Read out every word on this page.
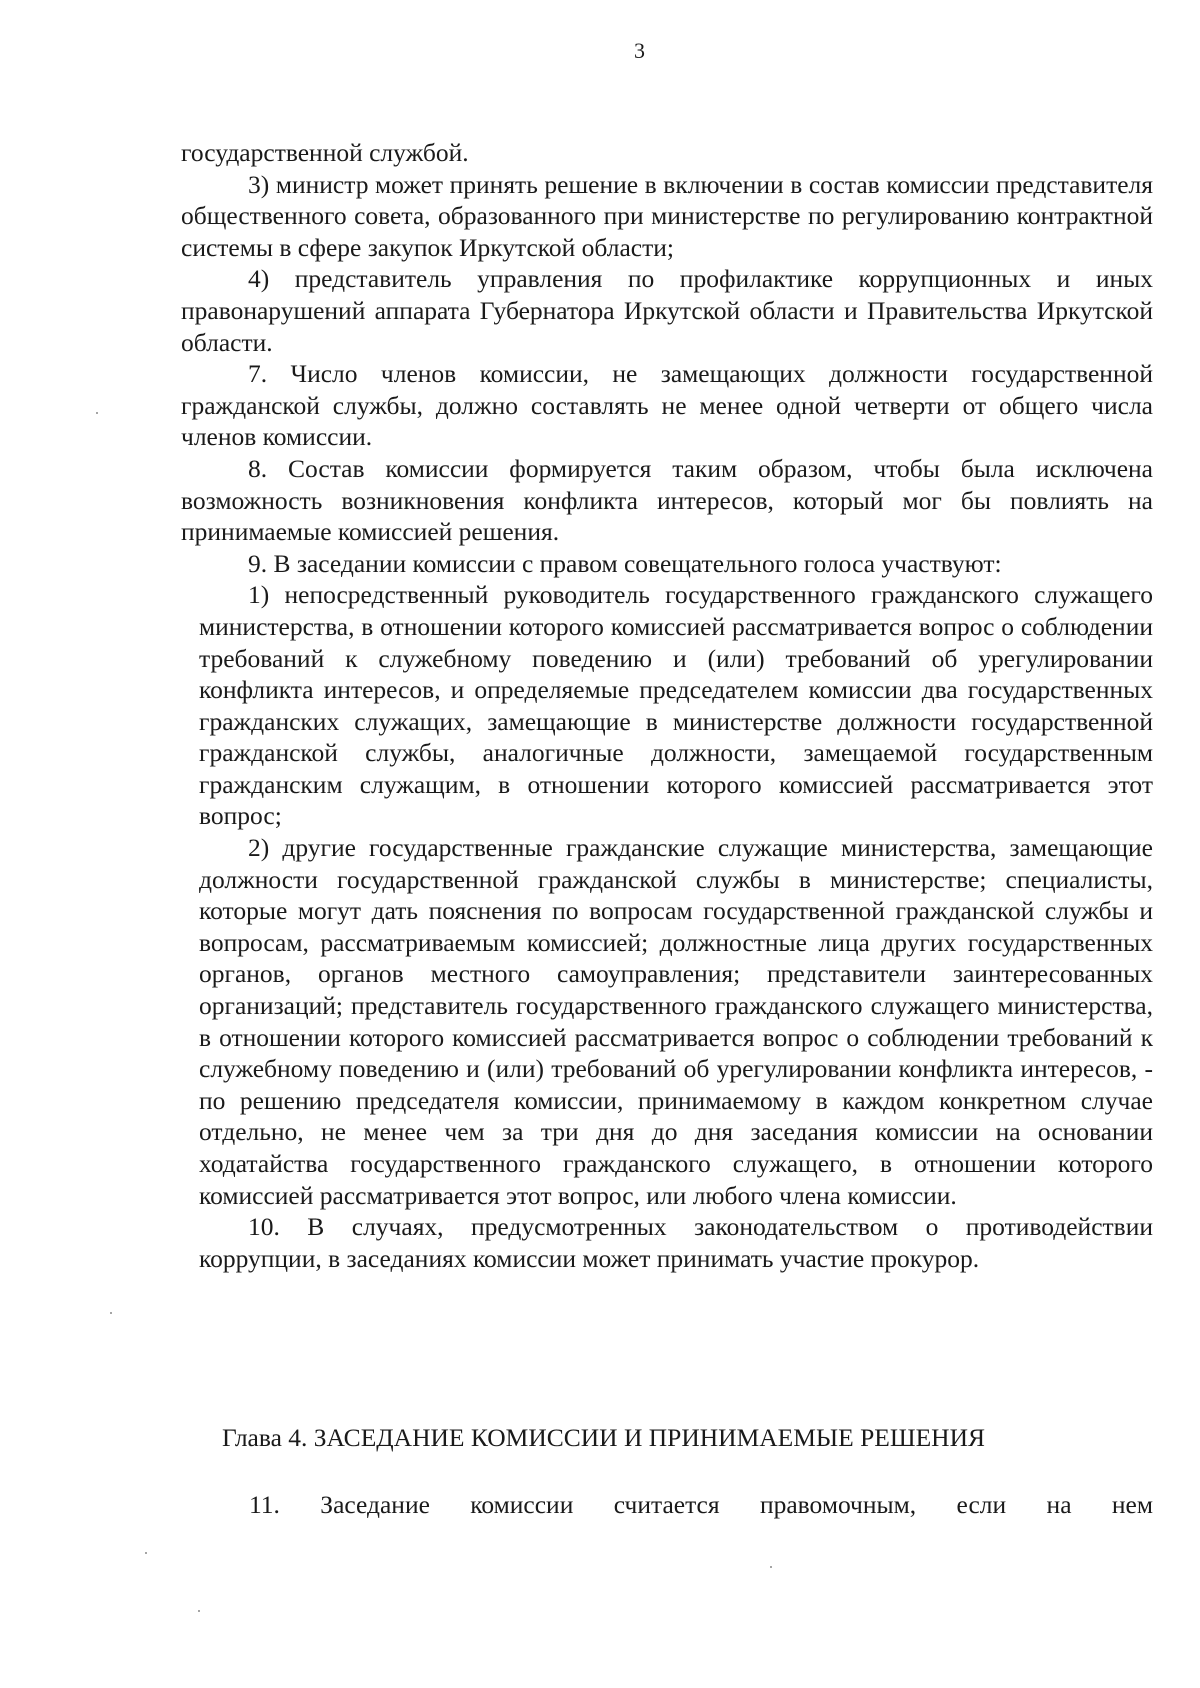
3

государственной службой.

3) министр может принять решение в включении в состав комиссии представителя общественного совета, образованного при министерстве по регулированию контрактной системы в сфере закупок Иркутской области;

4) представитель управления по профилактике коррупционных и иных правонарушений аппарата Губернатора Иркутской области и Правительства Иркутской области.

7. Число членов комиссии, не замещающих должности государственной гражданской службы, должно составлять не менее одной четверти от общего числа членов комиссии.

8. Состав комиссии формируется таким образом, чтобы была исключена возможность возникновения конфликта интересов, который мог бы повлиять на принимаемые комиссией решения.

9. В заседании комиссии с правом совещательного голоса участвуют:

1) непосредственный руководитель государственного гражданского служащего министерства, в отношении которого комиссией рассматривается вопрос о соблюдении требований к служебному поведению и (или) требований об урегулировании конфликта интересов, и определяемые председателем комиссии два государственных гражданских служащих, замещающие в министерстве должности государственной гражданской службы, аналогичные должности, замещаемой государственным гражданским служащим, в отношении которого комиссией рассматривается этот вопрос;

2) другие государственные гражданские служащие министерства, замещающие должности государственной гражданской службы в министерстве; специалисты, которые могут дать пояснения по вопросам государственной гражданской службы и вопросам, рассматриваемым комиссией; должностные лица других государственных органов, органов местного самоуправления; представители заинтересованных организаций; представитель государственного гражданского служащего министерства, в отношении которого комиссией рассматривается вопрос о соблюдении требований к служебному поведению и (или) требований об урегулировании конфликта интересов, - по решению председателя комиссии, принимаемому в каждом конкретном случае отдельно, не менее чем за три дня до дня заседания комиссии на основании ходатайства государственного гражданского служащего, в отношении которого комиссией рассматривается этот вопрос, или любого члена комиссии.

10. В случаях, предусмотренных законодательством о противодействии коррупции, в заседаниях комиссии может принимать участие прокурор.

Глава 4. ЗАСЕДАНИЕ КОМИССИИ И ПРИНИМАЕМЫЕ РЕШЕНИЯ
11. Заседание комиссии считается правомочным, если на нем
